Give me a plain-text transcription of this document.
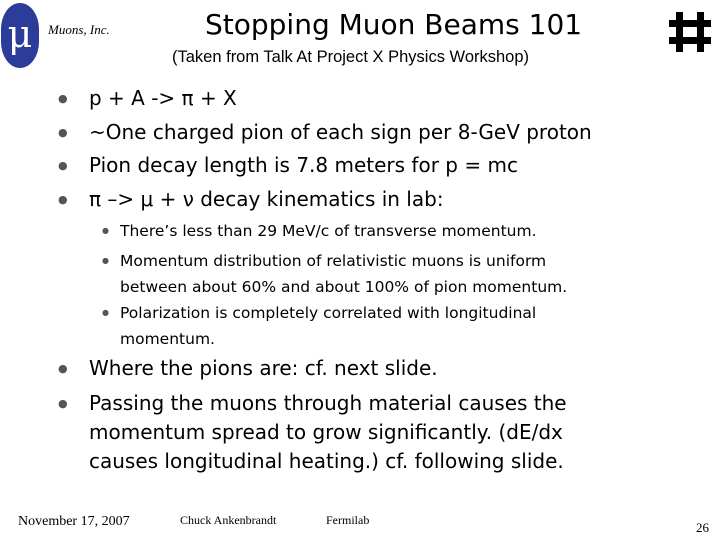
μ	Muons, Inc.	Stopping Muon Beams 101
(Taken from Talk At Project X Physics Workshop)
● p + A -> π + X
● ~One charged pion of each sign per 8-GeV proton
● Pion decay length is 7.8 meters for p = mc
● π –> μ + ν decay kinematics in lab:
● There’s less than 29 MeV/c of transverse momentum.
● Momentum distribution of relativistic muons is uniform
between about 60% and about 100% of pion momentum.
● Polarization is completely correlated with longitudinal
momentum.
● Where the pions are: cf. next slide.
● Passing the muons through material causes the
momentum spread to grow significantly. (dE/dx
causes longitudinal heating.) cf. following slide.
November 17, 2007	Chuck Ankenbrandt	Fermilab	26
